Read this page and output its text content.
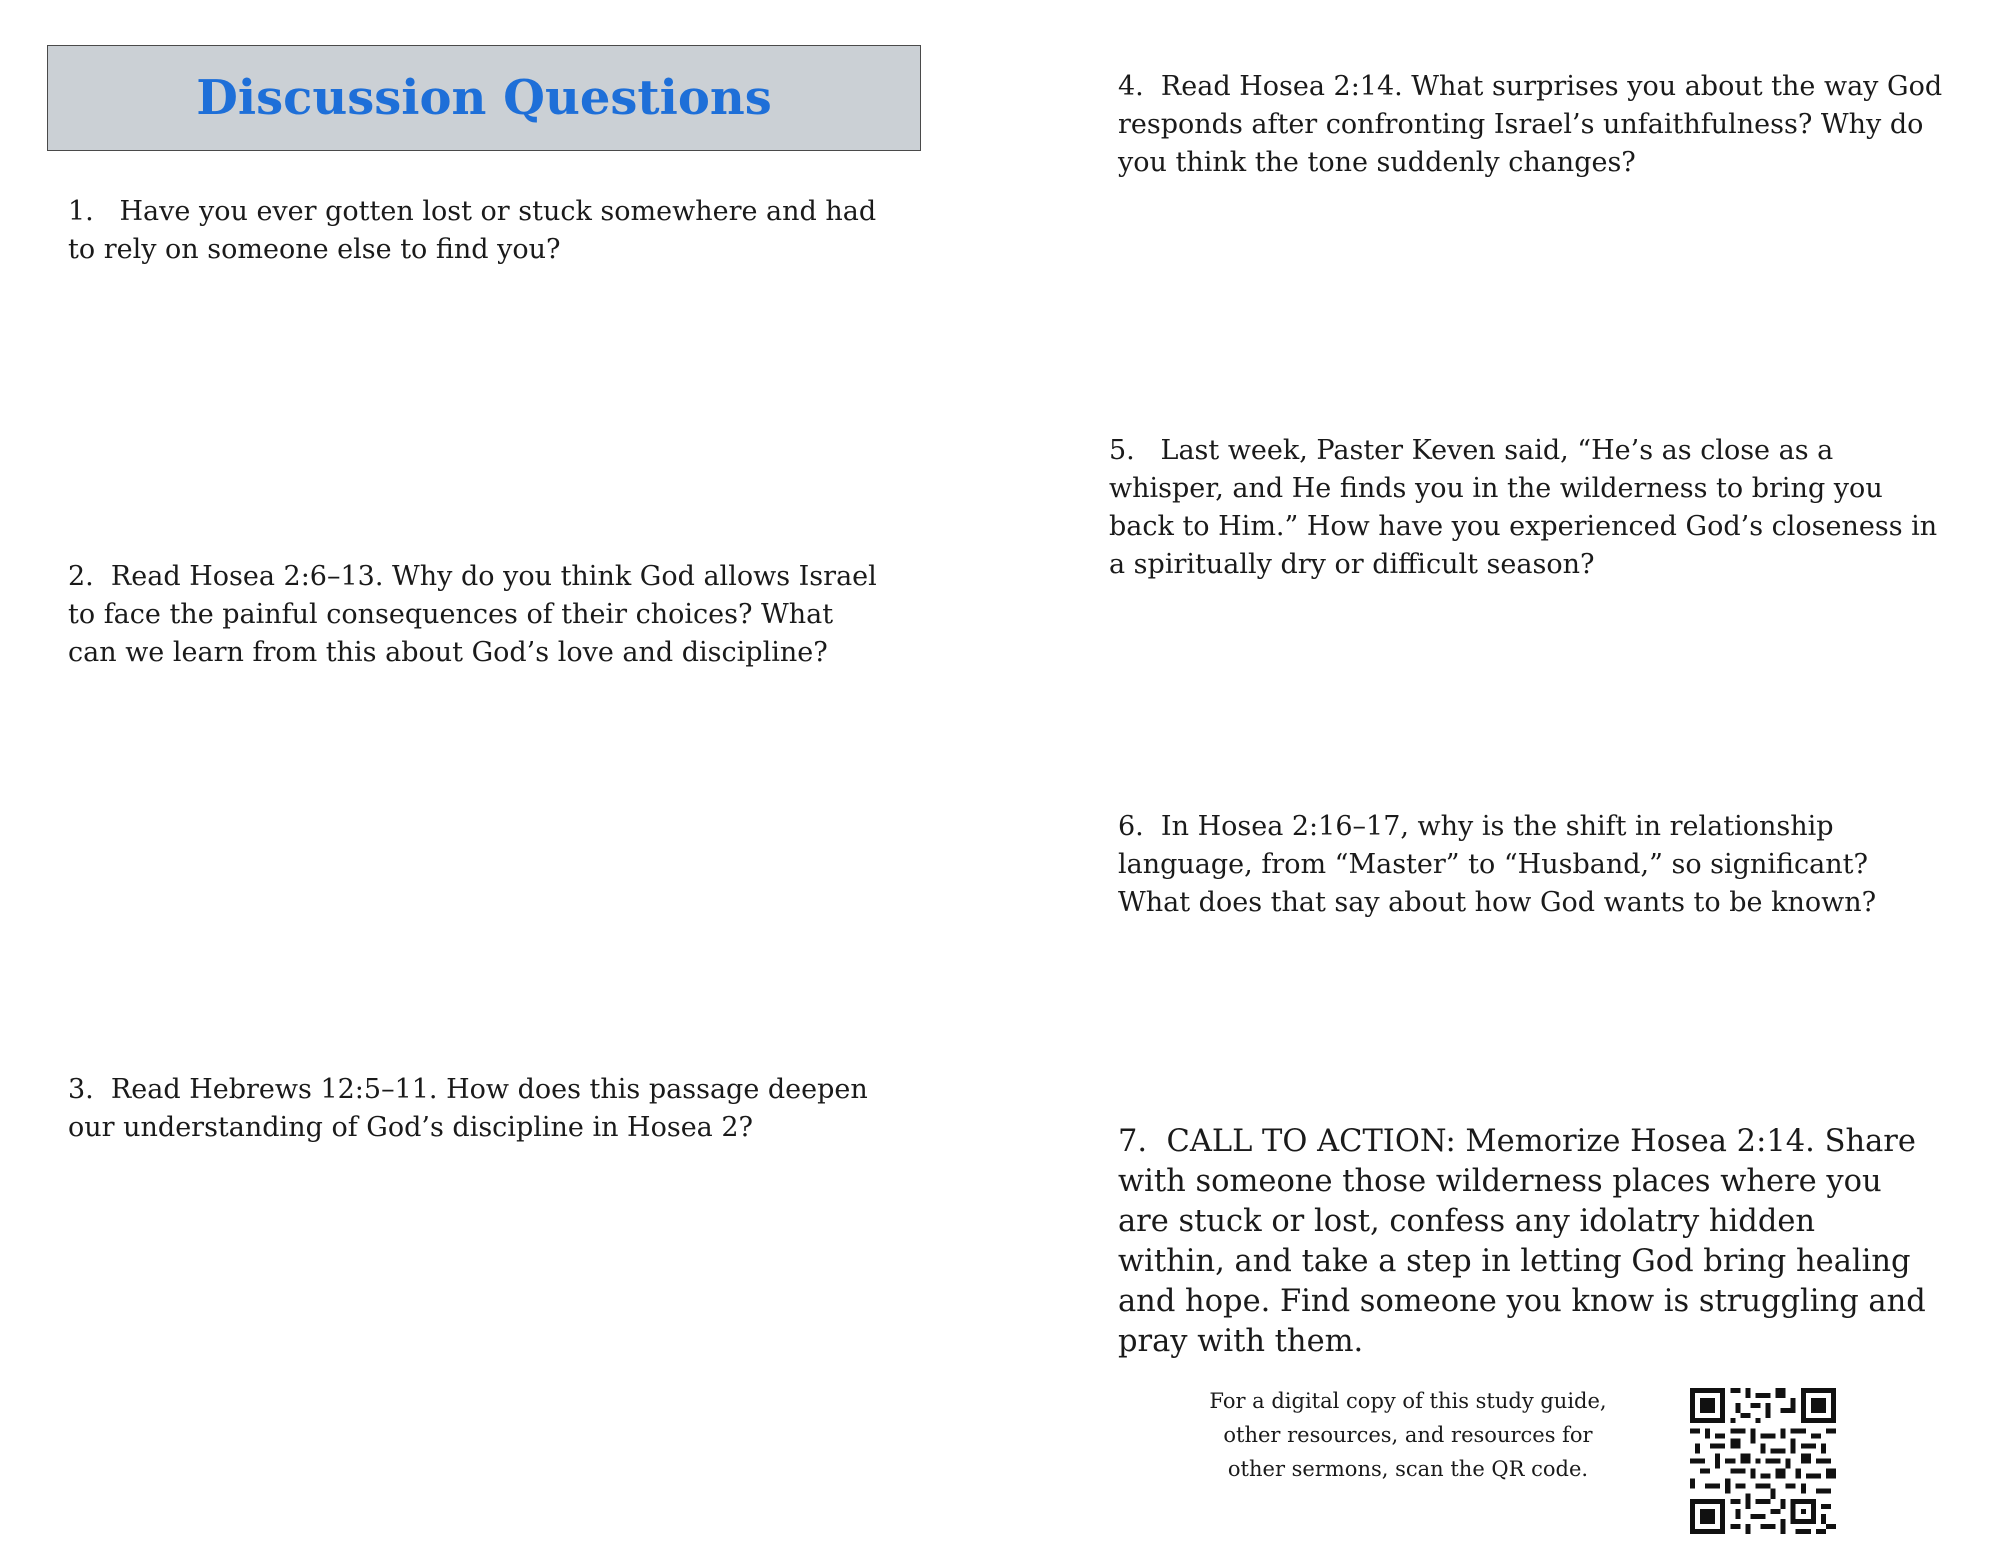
Discussion Questions

1.   Have you ever gotten lost or stuck somewhere and had to rely on someone else to find you?

2.  Read Hosea 2:6–13. Why do you think God allows Israel to face the painful consequences of their choices? What can we learn from this about God’s love and discipline?

3.  Read Hebrews 12:5–11. How does this passage deepen our understanding of God’s discipline in Hosea 2?

4.  Read Hosea 2:14. What surprises you about the way God responds after confronting Israel’s unfaithfulness? Why do you think the tone suddenly changes?

5.   Last week, Paster Keven said, “He’s as close as a whisper, and He finds you in the wilderness to bring you back to Him.” How have you experienced God’s closeness in a spiritually dry or difficult season?

6.  In Hosea 2:16–17, why is the shift in relationship language, from “Master” to “Husband,” so significant? What does that say about how God wants to be known?

7.  CALL TO ACTION: Memorize Hosea 2:14. Share with someone those wilderness places where you are stuck or lost, confess any idolatry hidden within, and take a step in letting God bring healing and hope. Find someone you know is struggling and pray with them.

For a digital copy of this study guide,
other resources, and resources for
other sermons, scan the QR code.
